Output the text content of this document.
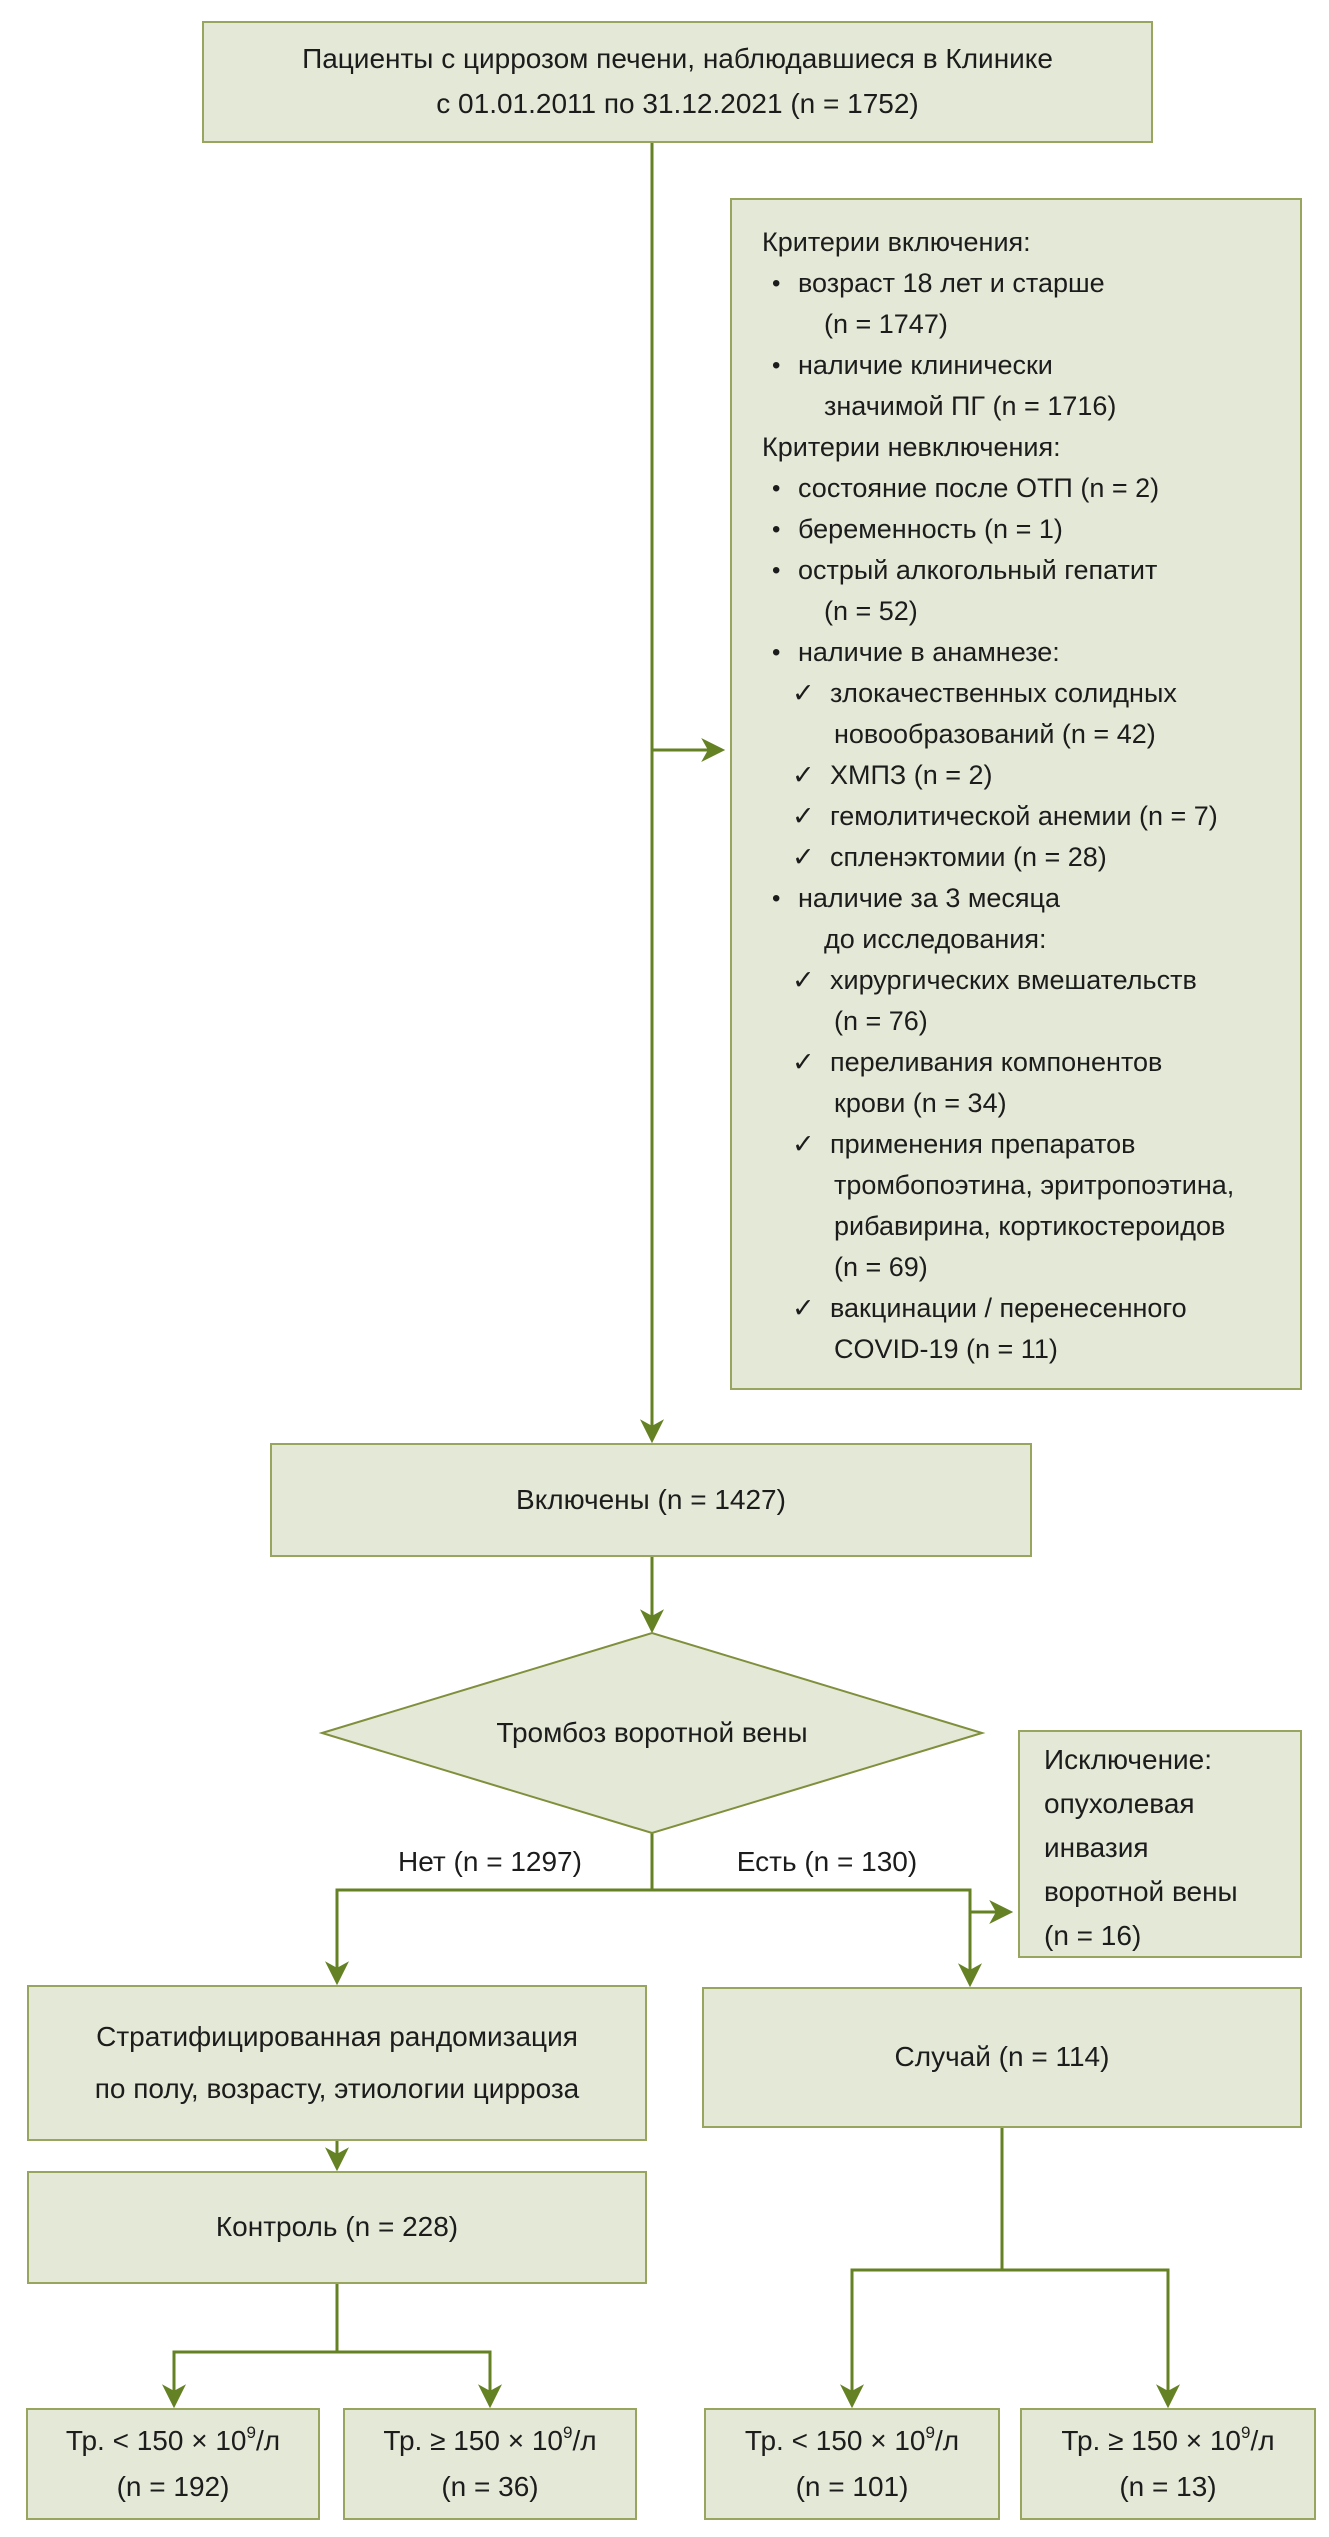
Пациенты с циррозом печени, наблюдавшиеся в Клинике
с 01.01.2011 по 31.12.2021 (n = 1752)
Критерии включения:
• возраст 18 лет и старше
(n = 1747)
• наличие клинически
значимой ПГ (n = 1716)
Критерии невключения:
• состояние после ОТП (n = 2)
• беременность (n = 1)
• острый алкогольный гепатит
(n = 52)
• наличие в анамнезе:
✓ злокачественных солидных
новообразований (n = 42)
✓ ХМПЗ (n = 2)
✓ гемолитической анемии (n = 7)
✓ спленэктомии (n = 28)
• наличие за 3 месяца
до исследования:
✓ хирургических вмешательств
(n = 76)
✓ переливания компонентов
крови (n = 34)
✓ применения препаратов
тромбопоэтина, эритропоэтина,
рибавирина, кортикостероидов
(n = 69)
✓ вакцинации / перенесенного
COVID-19 (n = 11)
Включены (n = 1427)
Тромбоз воротной вены
Нет (n = 1297)	Есть (n = 130)
Исключение:
опухолевая
инвазия
воротной вены
(n = 16)
Стратифицированная рандомизация
по полу, возрасту, этиологии цирроза
Случай (n = 114)
Контроль (n = 228)
Тр. < $150 \times 10^9/л$
(n = 192)
Тр. ≥ $150 \times 10^9/л$
(n = 36)
Тр. < $150 \times 10^9/л$
(n = 101)
Тр. ≥ $150 \times 10^9/л$
(n = 13)
